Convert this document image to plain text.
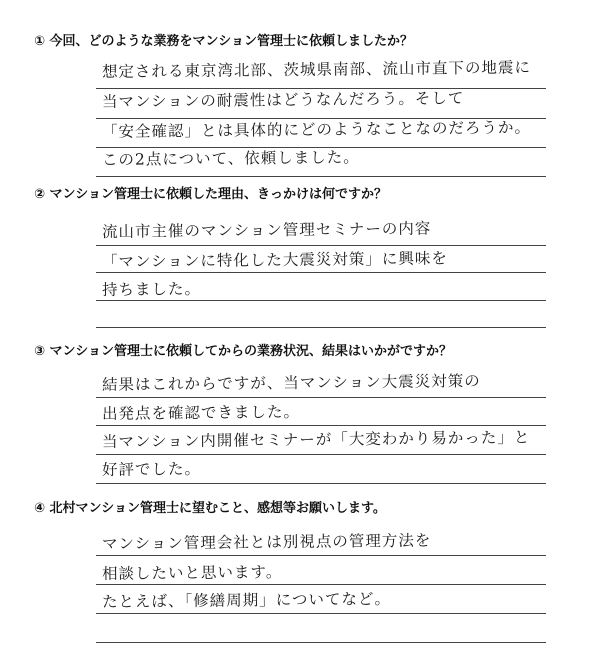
① 今回、どのような業務をマンション管理士に依頼しましたか？
想定される東京湾北部、茨城県南部、流山市直下の地震に
当マンションの耐震性はどうなんだろう。そして
「安全確認」とは具体的にどのようなことなのだろうか。
この2点について、依頼しました。
② マンション管理士に依頼した理由、きっかけは何ですか？
流山市主催のマンション管理セミナーの内容
「マンションに特化した大震災対策」に興味を
持ちました。
③ マンション管理士に依頼してからの業務状況、結果はいかがですか？
結果はこれからですが、当マンション大震災対策の
出発点を確認できました。
当マンション内開催セミナーが「大変わかり易かった」と
好評でした。
④ 北村マンション管理士に望むこと、感想等お願いします。
マンション管理会社とは別視点の管理方法を
相談したいと思います。
たとえば、「修繕周期」についてなど。
